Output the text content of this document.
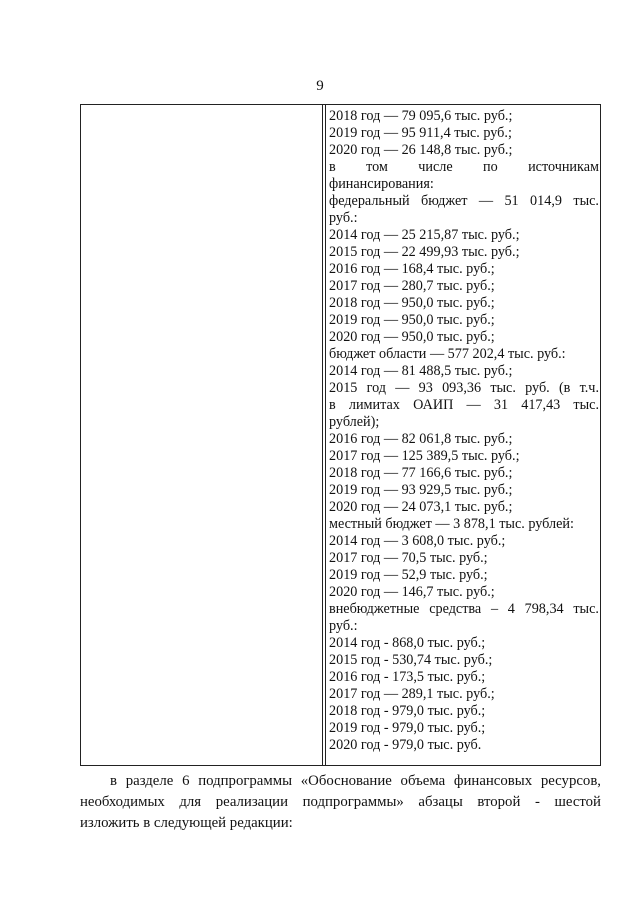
9
2018 год — 79 095,6 тыс. руб.;
2019 год — 95 911,4 тыс. руб.;
2020 год — 26 148,8 тыс. руб.;
в том числе по источникам
финансирования:
федеральный бюджет — 51 014,9 тыс.
руб.:
2014 год — 25 215,87 тыс. руб.;
2015 год — 22 499,93 тыс. руб.;
2016 год — 168,4 тыс. руб.;
2017 год — 280,7 тыс. руб.;
2018 год — 950,0 тыс. руб.;
2019 год — 950,0 тыс. руб.;
2020 год — 950,0 тыс. руб.;
бюджет области — 577 202,4 тыс. руб.:
2014 год — 81 488,5 тыс. руб.;
2015 год — 93 093,36 тыс. руб. (в т.ч.
в лимитах ОАИП — 31 417,43 тыс.
рублей);
2016 год — 82 061,8 тыс. руб.;
2017 год — 125 389,5 тыс. руб.;
2018 год — 77 166,6 тыс. руб.;
2019 год — 93 929,5 тыс. руб.;
2020 год — 24 073,1 тыс. руб.;
местный бюджет — 3 878,1 тыс. рублей:
2014 год — 3 608,0 тыс. руб.;
2017 год — 70,5 тыс. руб.;
2019 год — 52,9 тыс. руб.;
2020 год — 146,7 тыс. руб.;
внебюджетные средства – 4 798,34 тыс.
руб.:
2014 год - 868,0 тыс. руб.;
2015 год - 530,74 тыс. руб.;
2016 год - 173,5 тыс. руб.;
2017 год — 289,1 тыс. руб.;
2018 год - 979,0 тыс. руб.;
2019 год - 979,0 тыс. руб.;
2020 год - 979,0 тыс. руб.
в разделе 6 подпрограммы «Обоснование объема финансовых ресурсов,
необходимых для реализации подпрограммы» абзацы второй - шестой
изложить в следующей редакции:
